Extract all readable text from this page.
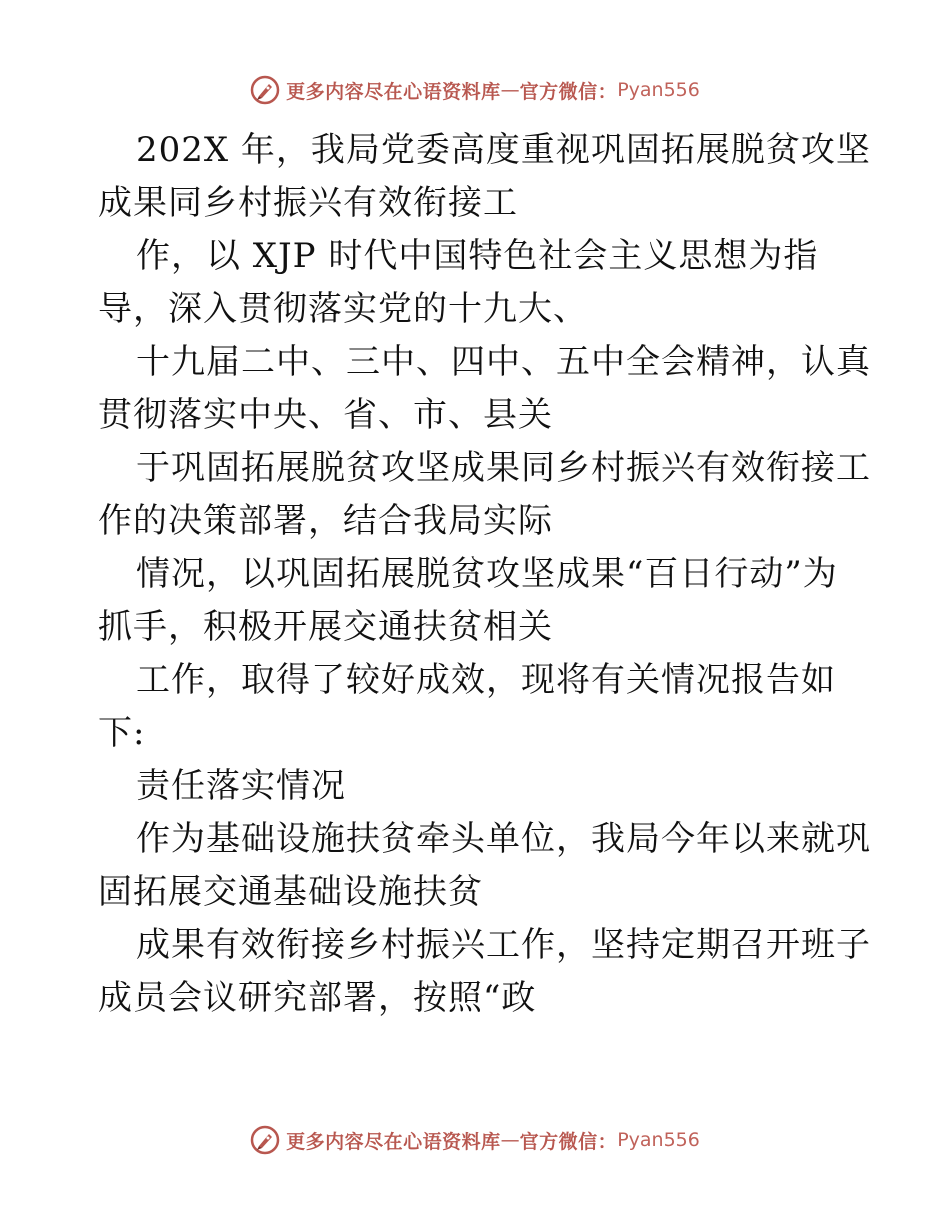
更多内容尽在心语资料库 — 官方微信： Pyan556
202X 年，我局党委高度重视巩固拓展脱贫攻坚
成果同乡村振兴有效衔接工
作，以 XJP 时代中国特色社会主义思想为指
导，深入贯彻落实党的十九大、
十九届二中、三中、四中、五中全会精神，认真
贯彻落实中央、省、市、县关
于巩固拓展脱贫攻坚成果同乡村振兴有效衔接工
作的决策部署，结合我局实际
情况，以巩固拓展脱贫攻坚成果“百日行动”为
抓手，积极开展交通扶贫相关
工作，取得了较好成效，现将有关情况报告如
下:
责任落实情况
作为基础设施扶贫牵头单位，我局今年以来就巩
固拓展交通基础设施扶贫
成果有效衔接乡村振兴工作，坚持定期召开班子
成员会议研究部署，按照“政
更多内容尽在心语资料库 — 官方微信： Pyan556
